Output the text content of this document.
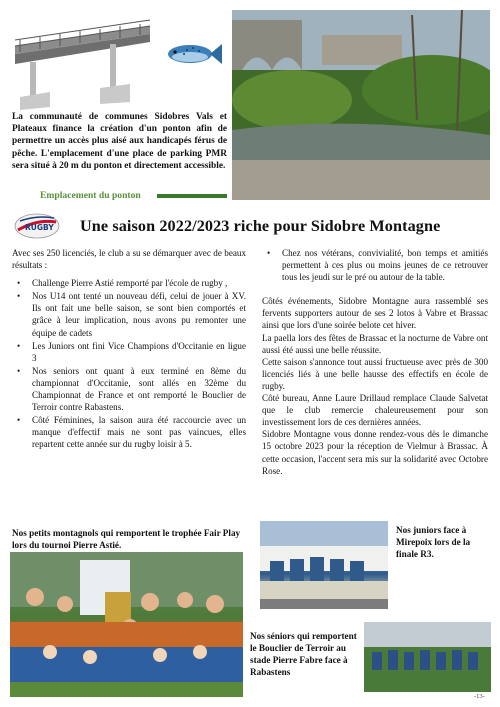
La communauté de communes Sidobres Vals et Plateaux finance la création d'un ponton afin de permettre un accès plus aisé aux handicapés férus de pêche. L'emplacement d'une place de parking PMR sera situé à 20 m du ponton et directement accessible.

Emplacement du ponton
RUGBY Une saison 2022/2023 riche pour Sidobre Montagne

Avec ses 250 licenciés, le club a su se démarquer avec de beaux résultats :

• Challenge Pierre Astié remporté par l'école de rugby ,
• Nos U14 ont tenté un nouveau défi, celui de jouer à XV. Ils ont fait une belle saison, se sont bien comportés et grâce à leur implication, nous avons pu remonter une équipe de cadets
• Les Juniors ont fini Vice Champions d'Occitanie en ligue 3
• Nos seniors ont quant à eux terminé en 8ème du championnat d'Occitanie, sont allés en 32ème du Championnat de France et ont remporté le Bouclier de Terroir contre Rabastens.
• Côté Féminines, la saison aura été raccourcie avec un manque d'effectif mais ne sont pas vaincues, elles repartent cette année sur du rugby loisir à 5.
• Chez nos vétérans, convivialité, bon temps et amitiés permettent à ces plus ou moins jeunes de ce retrouver tous les jeudi sur le pré ou autour de la table.

Côtés événements, Sidobre Montagne aura rassemblé ses fervents supporters autour de ses 2 lotos à Vabre et Brassac ainsi que lors d'une soirée belote cet hiver.

La paella lors des fêtes de Brassac et la nocturne de Vabre ont aussi été aussi une belle réussite.

Cette saison s'annonce tout aussi fructueuse avec près de 300 licenciés liés à une belle hausse des effectifs en école de rugby.

Côté bureau, Anne Laure Drillaud remplace Claude Salvetat que le club remercie chaleureusement pour son investissement lors de ces dernières années.

Sidobre Montagne vous donne rendez-vous dès le dimanche 15 octobre 2023 pour la réception de Vielmur à Brassac. À cette occasion, l'accent sera mis sur la solidarité avec Octobre Rose.

Nos petits montagnols qui remportent le trophée Fair Play lors du tournoi Pierre Astié.

Nos juniors face à Mirepoix lors de la finale R3.

Nos séniors qui remportent le Bouclier de Terroir au stade Pierre Fabre face à Rabastens

-13-
